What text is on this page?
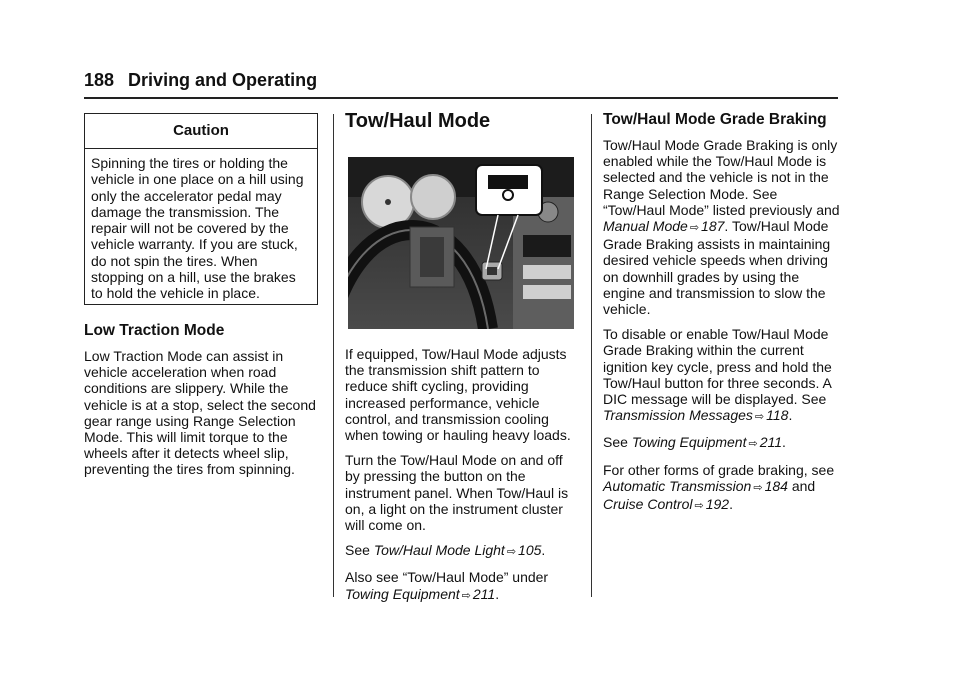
188 Driving and Operating
Caution
Spinning the tires or holding the vehicle in one place on a hill using only the accelerator pedal may damage the transmission. The repair will not be covered by the vehicle warranty. If you are stuck, do not spin the tires. When stopping on a hill, use the brakes to hold the vehicle in place.
Low Traction Mode

Low Traction Mode can assist in vehicle acceleration when road conditions are slippery. While the vehicle is at a stop, select the second gear range using Range Selection Mode. This will limit torque to the wheels after it detects wheel slip, preventing the tires from spinning.

Tow/Haul Mode

If equipped, Tow/Haul Mode adjusts the transmission shift pattern to reduce shift cycling, providing increased performance, vehicle control, and transmission cooling when towing or hauling heavy loads.

Turn the Tow/Haul Mode on and off by pressing the button on the instrument panel. When Tow/Haul is on, a light on the instrument cluster will come on.

See Tow/Haul Mode Light ⇨ 105.

Also see “Tow/Haul Mode” under Towing Equipment ⇨ 211.

Tow/Haul Mode Grade Braking

Tow/Haul Mode Grade Braking is only enabled while the Tow/Haul Mode is selected and the vehicle is not in the Range Selection Mode. See “Tow/Haul Mode” listed previously and Manual Mode ⇨ 187. Tow/Haul Mode Grade Braking assists in maintaining desired vehicle speeds when driving on downhill grades by using the engine and transmission to slow the vehicle.

To disable or enable Tow/Haul Mode Grade Braking within the current ignition key cycle, press and hold the Tow/Haul button for three seconds. A DIC message will be displayed. See Transmission Messages ⇨ 118.

See Towing Equipment ⇨ 211.

For other forms of grade braking, see Automatic Transmission ⇨ 184 and Cruise Control ⇨ 192.
